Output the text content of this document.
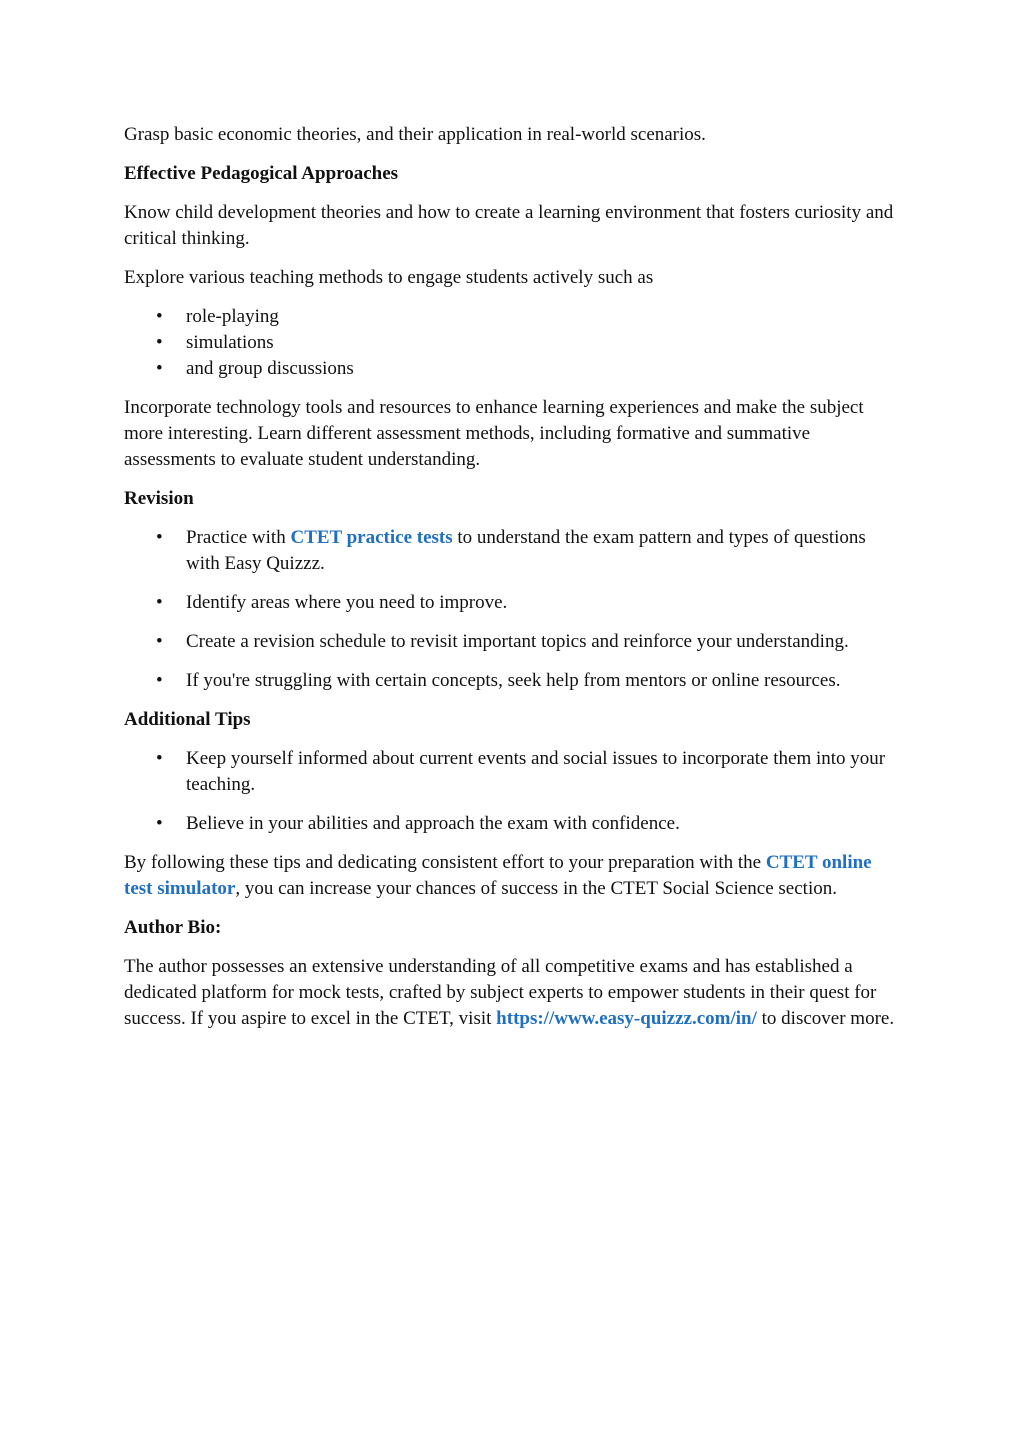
Grasp basic economic theories, and their application in real-world scenarios.

Effective Pedagogical Approaches

Know child development theories and how to create a learning environment that fosters curiosity and critical thinking.

Explore various teaching methods to engage students actively such as

• role-playing
• simulations
• and group discussions

Incorporate technology tools and resources to enhance learning experiences and make the subject more interesting. Learn different assessment methods, including formative and summative assessments to evaluate student understanding.

Revision
• Practice with CTET practice tests to understand the exam pattern and types of questions with Easy Quizzz.
• Identify areas where you need to improve.
• Create a revision schedule to revisit important topics and reinforce your understanding.
• If you're struggling with certain concepts, seek help from mentors or online resources.
Additional Tips
• Keep yourself informed about current events and social issues to incorporate them into your teaching.
• Believe in your abilities and approach the exam with confidence.

By following these tips and dedicating consistent effort to your preparation with the CTET online test simulator, you can increase your chances of success in the CTET Social Science section.

Author Bio:

The author possesses an extensive understanding of all competitive exams and has established a dedicated platform for mock tests, crafted by subject experts to empower students in their quest for success. If you aspire to excel in the CTET, visit https://www.easy-quizzz.com/in/ to discover more.
